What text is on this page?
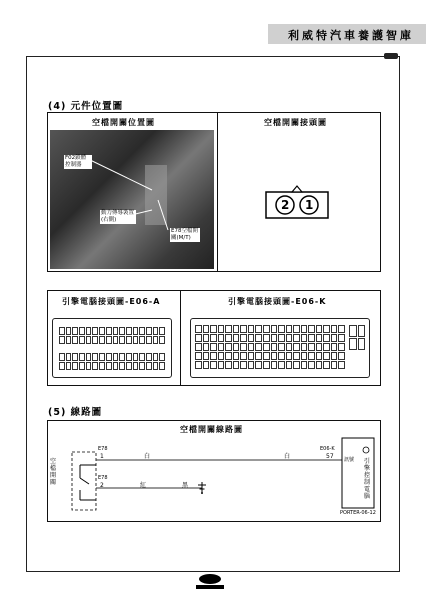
利威特汽車養護智庫
(4) 元件位置圖
空檔開關位置圖
F02鎖體控制器
動力傳導裝置(右側)
E78空檔開關(M/T)
空檔開關接頭圖
2 1
引擎電腦接頭圖-E06-A	引擎電腦接頭圖-E06-K
(5) 線路圖
空檔開關線路圖
空檔開關
E78
1
E78
2
白	白
紅	黑
E06-K
57 訊號 引擎控制電腦
PORTER-06-12
